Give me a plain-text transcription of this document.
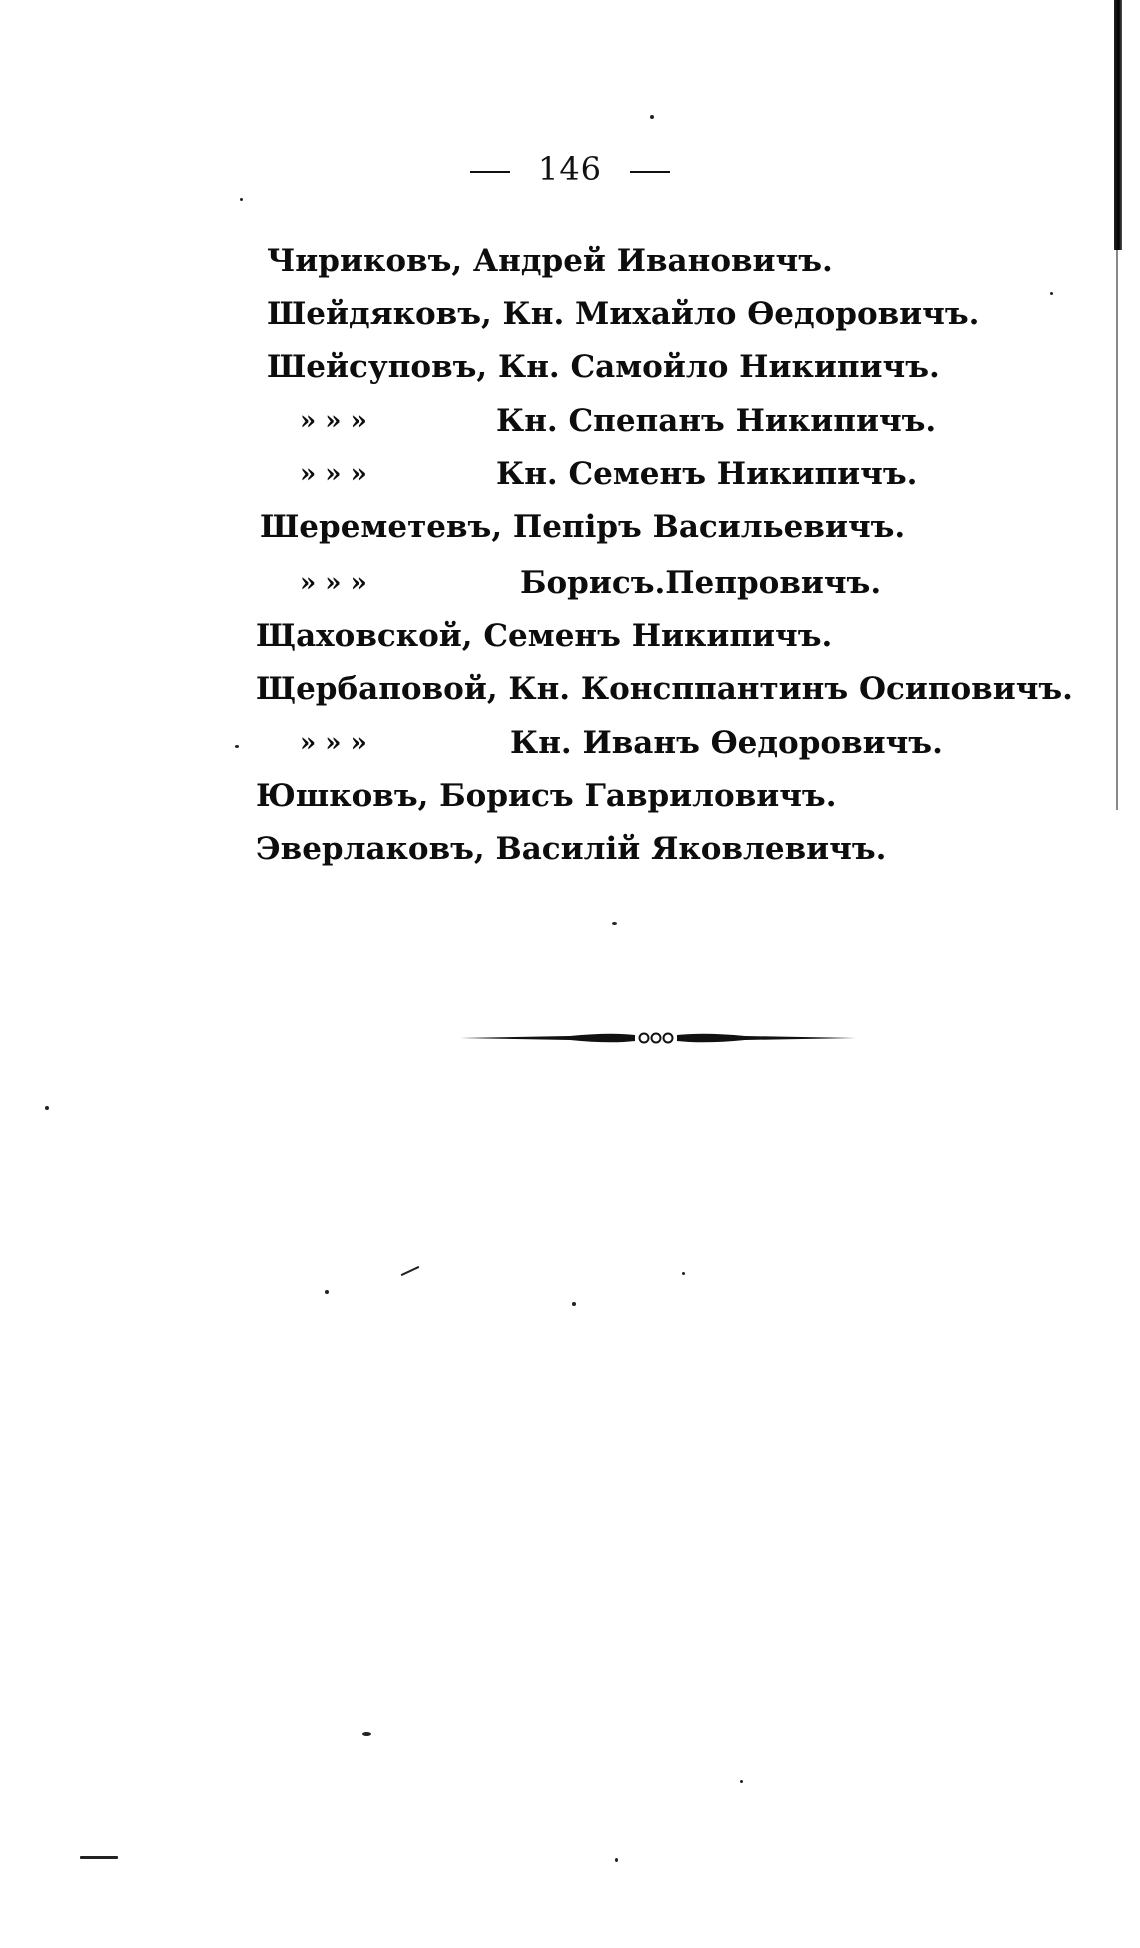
146
Чириковъ, Андрей Ивановичъ.
Шейдяковъ, Кн. Михайло Өедоровичъ.
Шейсуповъ, Кн. Самойло Никипичъ.
» » »	Кн. Спепанъ Никипичъ.
» » »	Кн. Семенъ Никипичъ.
Шереметевъ, Пепіръ Васильевичъ.
» » »	Борисъ.Пепровичъ.
Щаховской, Семенъ Никипичъ.
Щербаповой, Кн. Консппантинъ Осиповичъ.
» » »	Кн. Иванъ Өедоровичъ.
Юшковъ, Борисъ Гавриловичъ.
Эверлаковъ, Василій Яковлевичъ.
